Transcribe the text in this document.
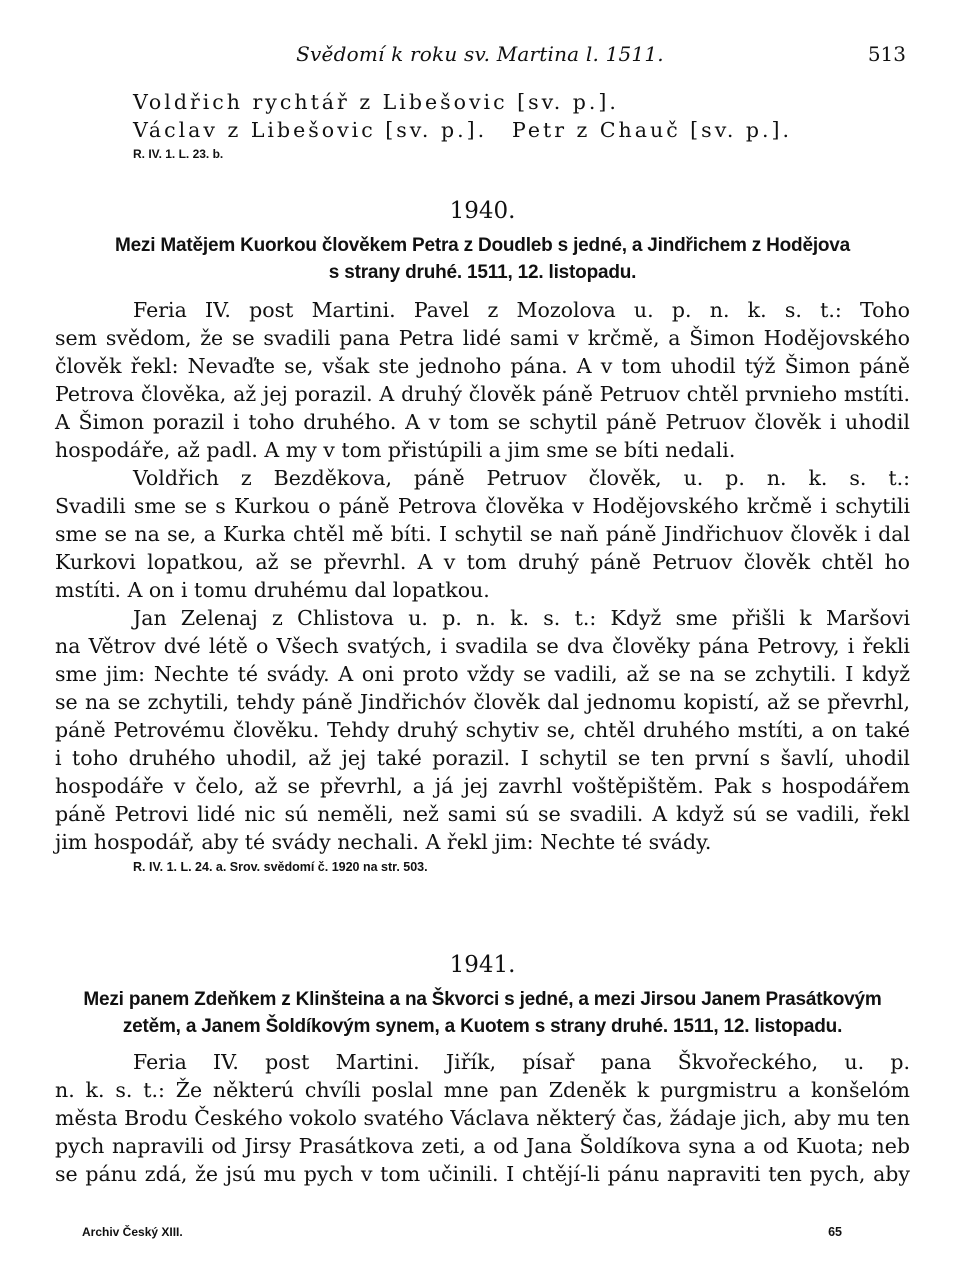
Svědomí k roku sv. Martina l. 1511.	513
Voldřich rychtář z Libešovic [sv. p.].
Václav z Libešovic [sv. p.]. Petr z Chauč [sv. p.].
R. IV. 1. L. 23. b.
1940.
Mezi Matějem Kuorkou člověkem Petra z Doudleb s jedné, a Jindřichem z Hodějova
s strany druhé. 1511, 12. listopadu.
Feria IV. post Martini. Pavel z Mozolova u. p. n. k. s. t.: Toho
sem svědom, že se svadili pana Petra lidé sami v krčmě, a Šimon Hodějovského
člověk řekl: Nevaďte se, však ste jednoho pána. A v tom uhodil týž Šimon páně
Petrova člověka, až jej porazil. A druhý člověk páně Petruov chtěl prvnieho mstíti.
A Šimon porazil i toho druhého. A v tom se schytil páně Petruov člověk i uhodil
hospodáře, až padl. A my v tom přistúpili a jim sme se bíti nedali.
Voldřich z Bezděkova, páně Petruov člověk, u. p. n. k. s. t.:
Svadili sme se s Kurkou o páně Petrova člověka v Hodějovského krčmě i schytili
sme se na se, a Kurka chtěl mě bíti. I schytil se naň páně Jindřichuov člověk i dal
Kurkovi lopatkou, až se převrhl. A v tom druhý páně Petruov člověk chtěl ho
mstíti. A on i tomu druhému dal lopatkou.
Jan Zelenaj z Chlistova u. p. n. k. s. t.: Když sme přišli k Maršovi
na Větrov dvé létě o Všech svatých, i svadila se dva člověky pána Petrovy, i řekli
sme jim: Nechte té svády. A oni proto vždy se vadili, až se na se zchytili. I když
se na se zchytili, tehdy páně Jindřichóv člověk dal jednomu kopistí, až se převrhl,
páně Petrovému člověku. Tehdy druhý schytiv se, chtěl druhého mstíti, a on také
i toho druhého uhodil, až jej také porazil. I schytil se ten první s šavlí, uhodil
hospodáře v čelo, až se převrhl, a já jej zavrhl voštěpištěm. Pak s hospodářem
páně Petrovi lidé nic sú neměli, než sami sú se svadili. A když sú se vadili, řekl
jim hospodář, aby té svády nechali. A řekl jim: Nechte té svády.
R. IV. 1. L. 24. a. Srov. svědomí č. 1920 na str. 503.
1941.
Mezi panem Zdeňkem z Klinšteina a na Škvorci s jedné, a mezi Jirsou Janem Prasátkovým
zetěm, a Janem Šoldíkovým synem, a Kuotem s strany druhé. 1511, 12. listopadu.
Feria IV. post Martini. Jiřík, písař pana Škvořeckého, u. p.
n. k. s. t.: Že některú chvíli poslal mne pan Zdeněk k purgmistru a konšelóm
města Brodu Českého vokolo svatého Václava některý čas, žádaje jich, aby mu ten
pych napravili od Jirsy Prasátkova zeti, a od Jana Šoldíkova syna a od Kuota; neb
se pánu zdá, že jsú mu pych v tom učinili. I chtějí-li pánu napraviti ten pych, aby
Archiv Český XIII.	65
